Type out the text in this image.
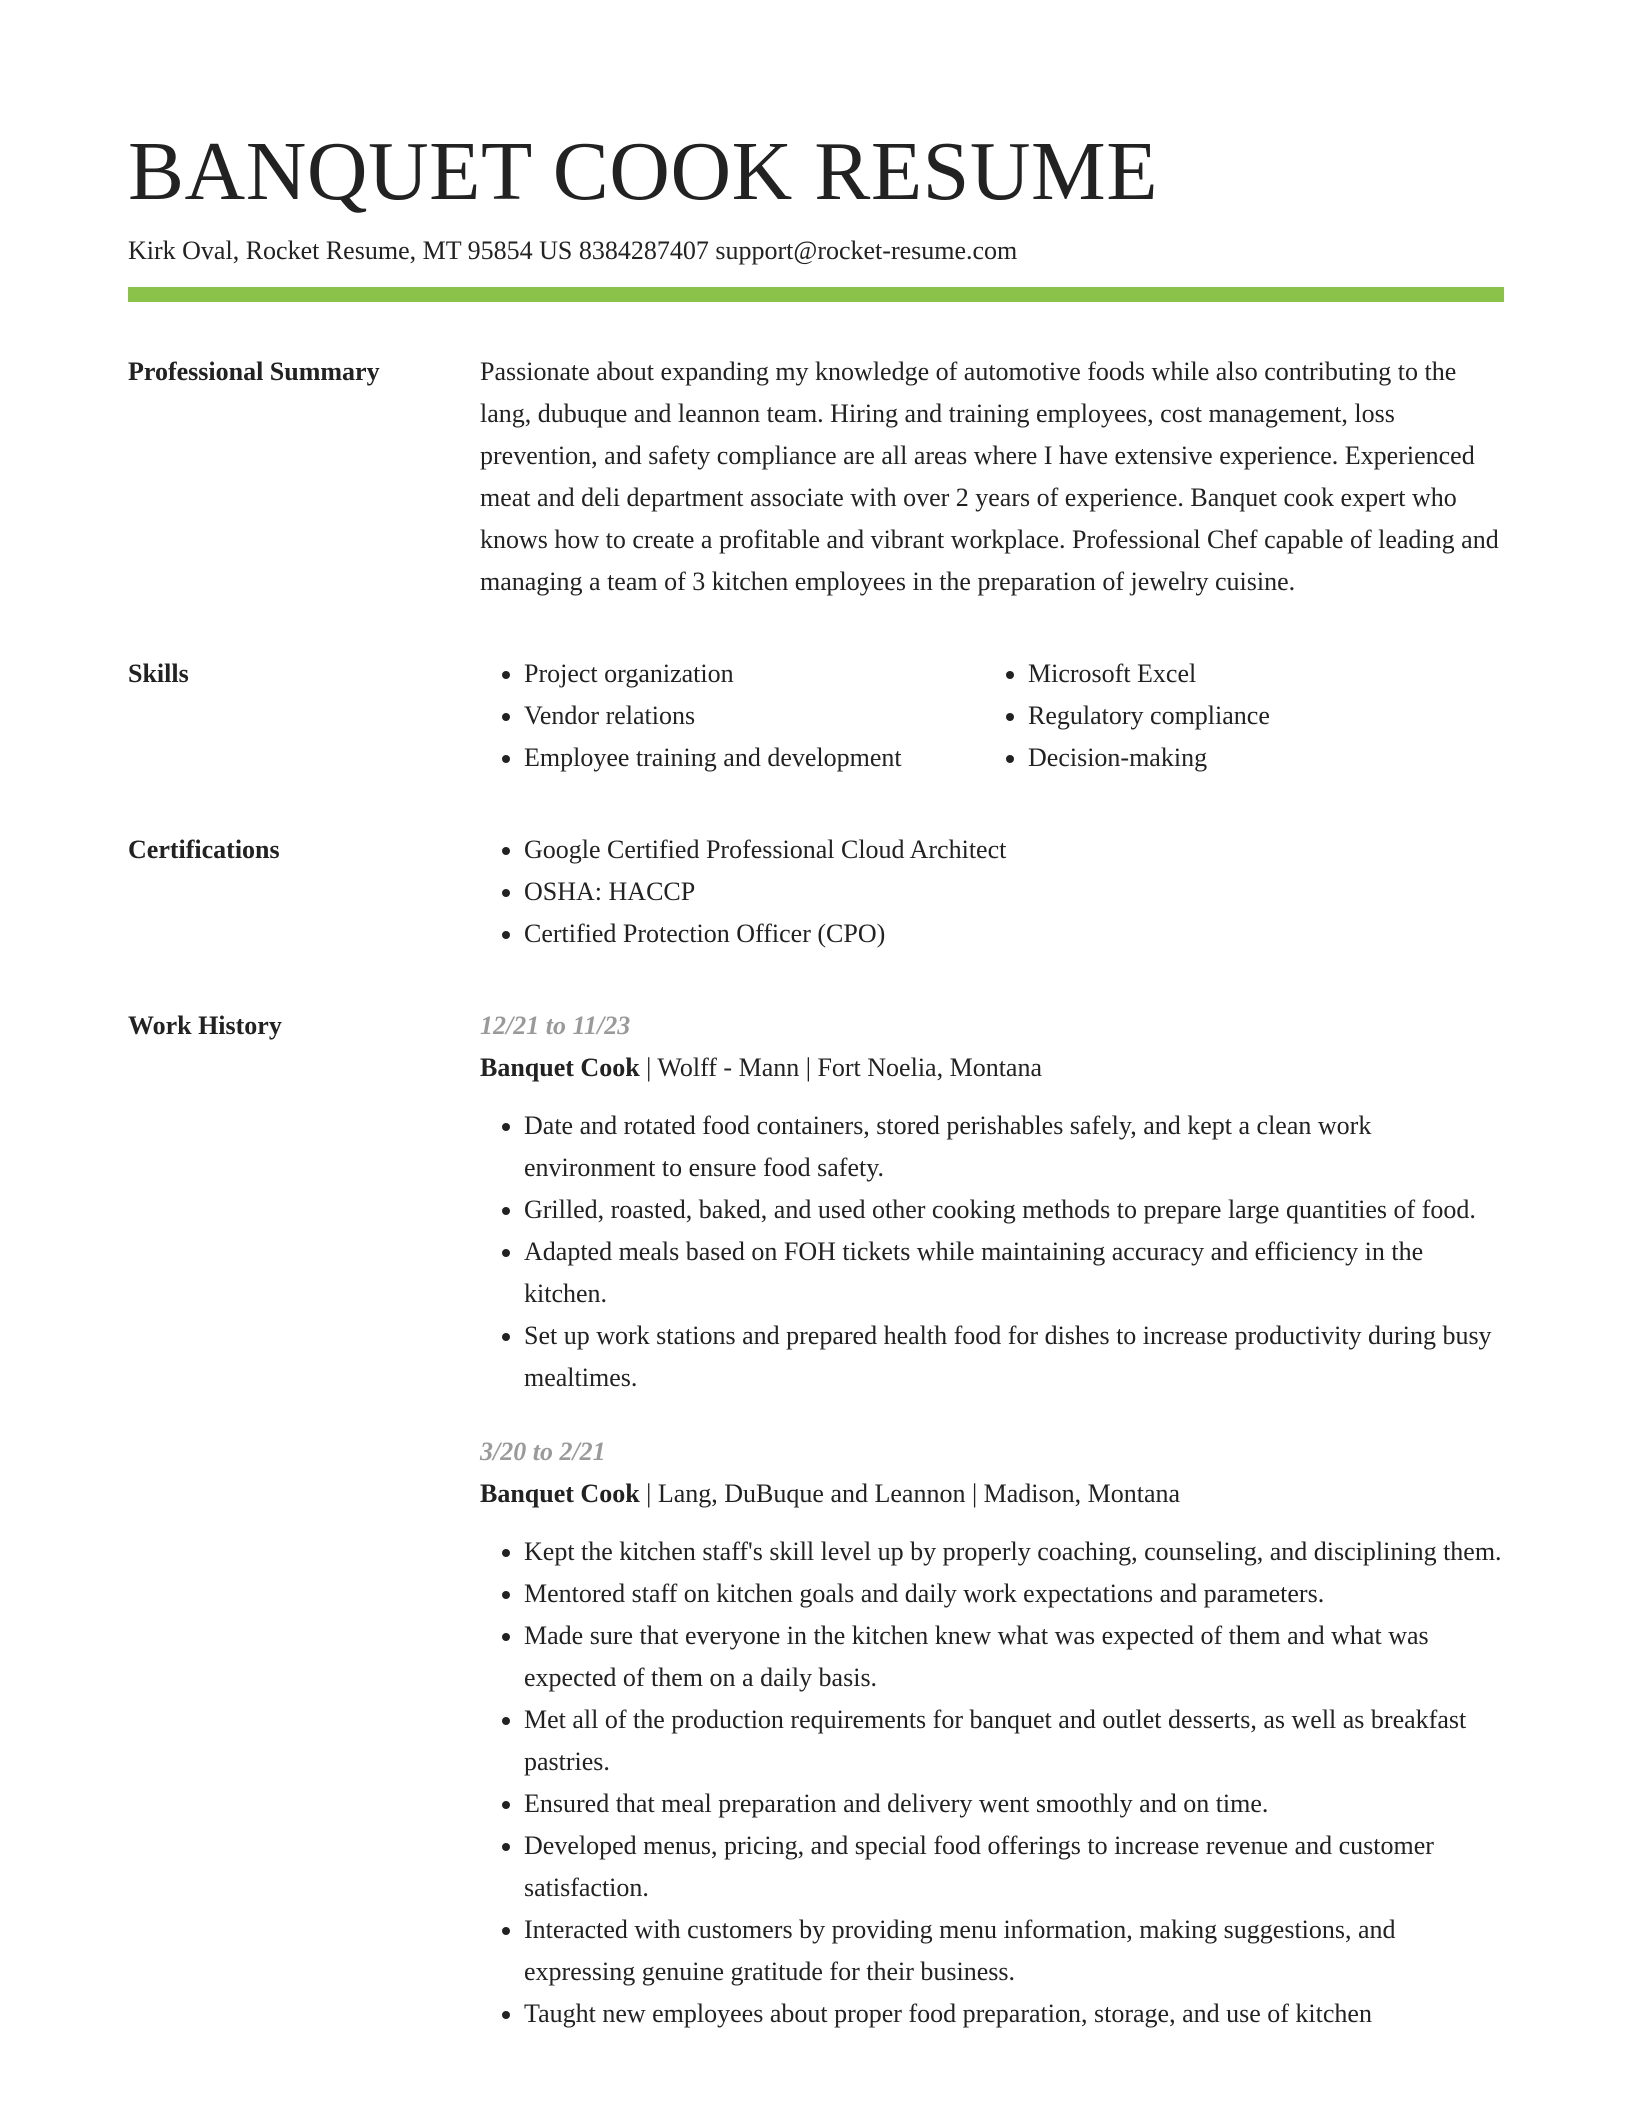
BANQUET COOK RESUME
Kirk Oval, Rocket Resume, MT 95854 US 8384287407 support@rocket-resume.com
Professional Summary	Passionate about expanding my knowledge of automotive foods while also contributing to the lang, dubuque and leannon team. Hiring and training employees, cost management, loss prevention, and safety compliance are all areas where I have extensive experience. Experienced meat and deli department associate with over 2 years of experience. Banquet cook expert who knows how to create a profitable and vibrant workplace. Professional Chef capable of leading and managing a team of 3 kitchen employees in the preparation of jewelry cuisine.

Skills	• Project organization
• Vendor relations
• Employee training and development
• Microsoft Excel
• Regulatory compliance
• Decision-making
Certifications	• Google Certified Professional Cloud Architect
• OSHA: HACCP
• Certified Protection Officer (CPO)
Work History	12/21 to 11/23
Banquet Cook | Wolff - Mann | Fort Noelia, Montana
• Date and rotated food containers, stored perishables safely, and kept a clean work environment to ensure food safety.
• Grilled, roasted, baked, and used other cooking methods to prepare large quantities of food.
• Adapted meals based on FOH tickets while maintaining accuracy and efficiency in the kitchen.
• Set up work stations and prepared health food for dishes to increase productivity during busy mealtimes.
3/20 to 2/21
Banquet Cook | Lang, DuBuque and Leannon | Madison, Montana
• Kept the kitchen staff's skill level up by properly coaching, counseling, and disciplining them.
• Mentored staff on kitchen goals and daily work expectations and parameters.
• Made sure that everyone in the kitchen knew what was expected of them and what was expected of them on a daily basis.
• Met all of the production requirements for banquet and outlet desserts, as well as breakfast pastries.
• Ensured that meal preparation and delivery went smoothly and on time.
• Developed menus, pricing, and special food offerings to increase revenue and customer satisfaction.
• Interacted with customers by providing menu information, making suggestions, and expressing genuine gratitude for their business.
• Taught new employees about proper food preparation, storage, and use of kitchen
